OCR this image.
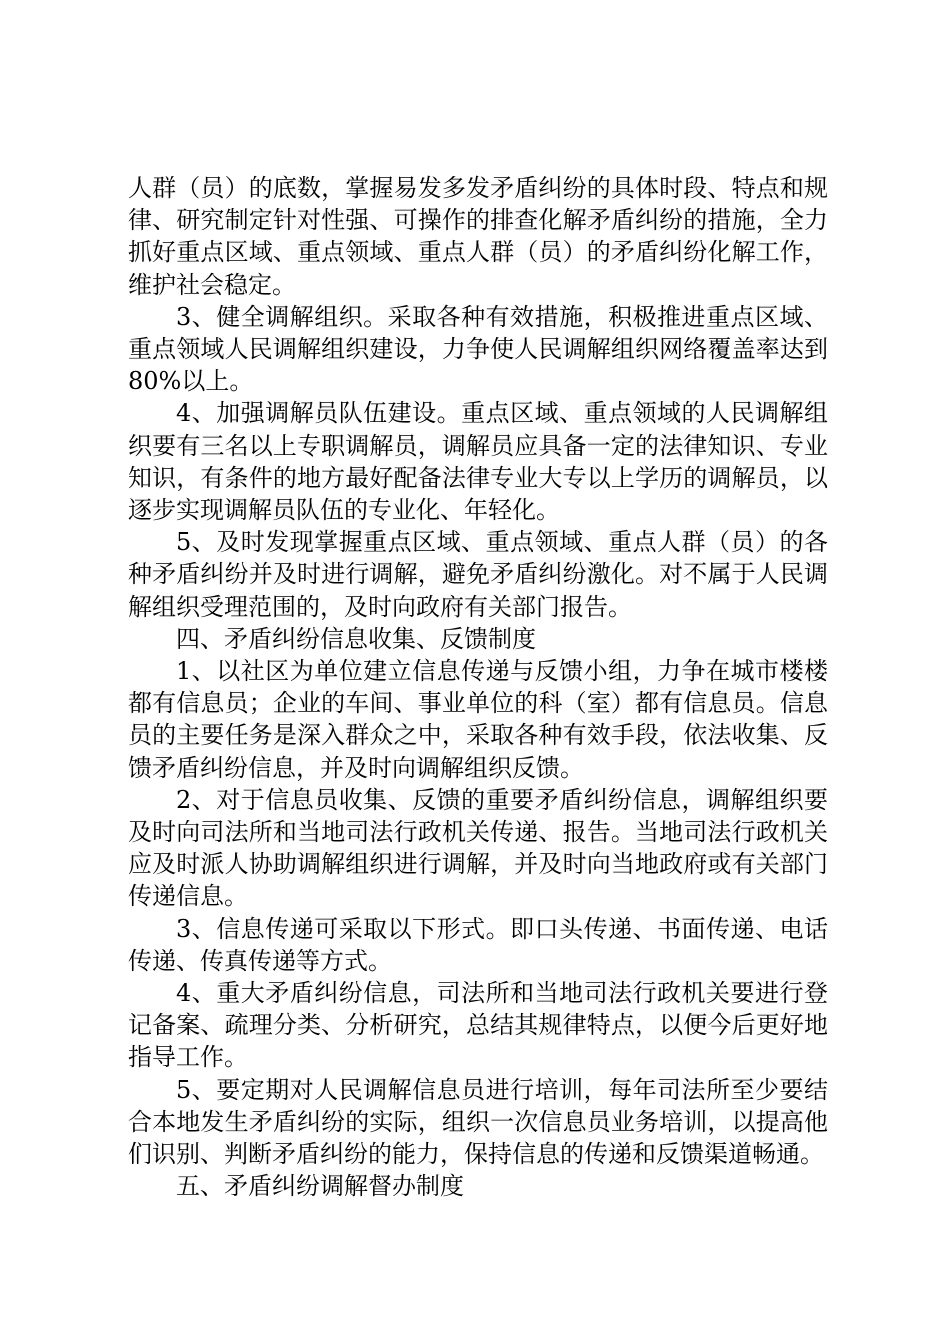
人群（员）的底数，掌握易发多发矛盾纠纷的具体时段、特点和规律、研究制定针对性强、可操作的排查化解矛盾纠纷的措施，全力抓好重点区域、重点领域、重点人群（员）的矛盾纠纷化解工作，维护社会稳定。

3、健全调解组织。采取各种有效措施，积极推进重点区域、重点领域人民调解组织建设，力争使人民调解组织网络覆盖率达到80%以上。

4、加强调解员队伍建设。重点区域、重点领域的人民调解组织要有三名以上专职调解员，调解员应具备一定的法律知识、专业知识，有条件的地方最好配备法律专业大专以上学历的调解员，以逐步实现调解员队伍的专业化、年轻化。

5、及时发现掌握重点区域、重点领域、重点人群（员）的各种矛盾纠纷并及时进行调解，避免矛盾纠纷激化。对不属于人民调解组织受理范围的，及时向政府有关部门报告。

四、矛盾纠纷信息收集、反馈制度

1、以社区为单位建立信息传递与反馈小组，力争在城市楼楼都有信息员；企业的车间、事业单位的科（室）都有信息员。信息员的主要任务是深入群众之中，采取各种有效手段，依法收集、反馈矛盾纠纷信息，并及时向调解组织反馈。

2、对于信息员收集、反馈的重要矛盾纠纷信息，调解组织要及时向司法所和当地司法行政机关传递、报告。当地司法行政机关应及时派人协助调解组织进行调解，并及时向当地政府或有关部门传递信息。

3、信息传递可采取以下形式。即口头传递、书面传递、电话传递、传真传递等方式。

4、重大矛盾纠纷信息，司法所和当地司法行政机关要进行登记备案、疏理分类、分析研究，总结其规律特点，以便今后更好地指导工作。

5、要定期对人民调解信息员进行培训，每年司法所至少要结合本地发生矛盾纠纷的实际，组织一次信息员业务培训，以提高他们识别、判断矛盾纠纷的能力，保持信息的传递和反馈渠道畅通。

五、矛盾纠纷调解督办制度
